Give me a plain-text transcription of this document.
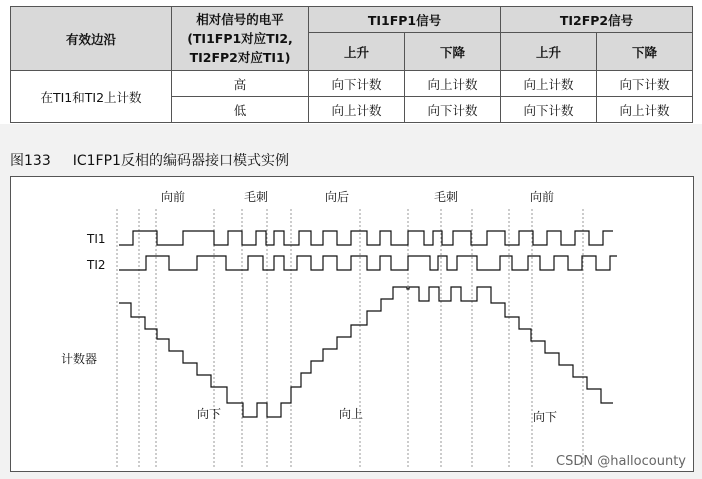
有效边沿	相对信号的电平
(TI1FP1对应TI2,
TI2FP2对应TI1)	TI1FP1信号		TI2FP2信号	
		上升	下降	上升	下降
在TI1和TI2上计数	高	向下计数	向上计数	向上计数	向下计数
	低	向上计数	向下计数	向下计数	向上计数
图133 IC1FP1反相的编码器接口模式实例
向前	毛刺	向后	毛刺	向前
TI1
TI2
计数器
向下	向上	向下
CSDN @hallocounty
